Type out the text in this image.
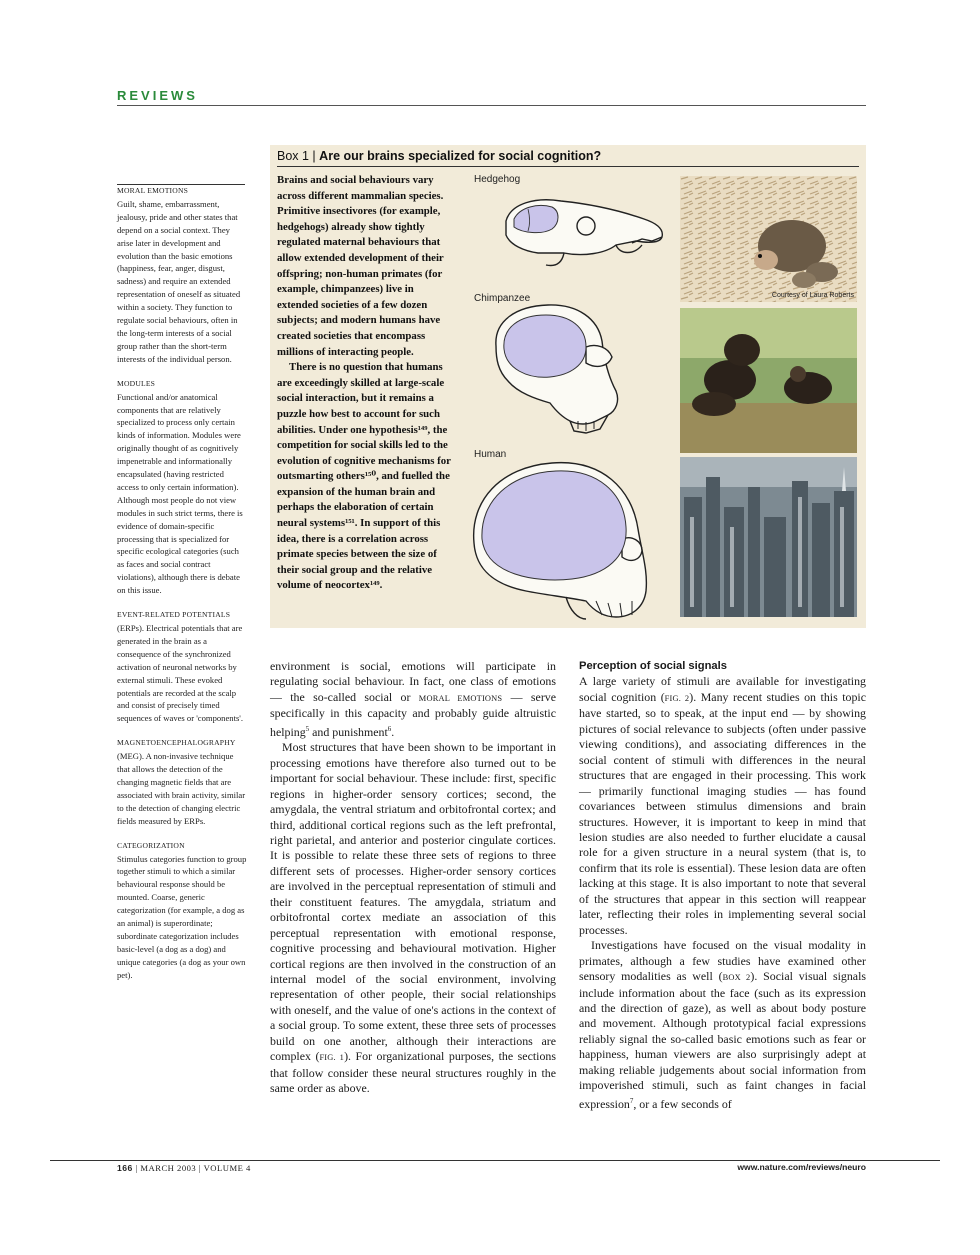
REVIEWS
MORAL EMOTIONS
Guilt, shame, embarrassment, jealousy, pride and other states that depend on a social context. They arise later in development and evolution than the basic emotions (happiness, fear, anger, disgust, sadness) and require an extended representation of oneself as situated within a society. They function to regulate social behaviours, often in the long-term interests of a social group rather than the short-term interests of the individual person.
MODULES
Functional and/or anatomical components that are relatively specialized to process only certain kinds of information. Modules were originally thought of as cognitively impenetrable and informationally encapsulated (having restricted access to only certain information). Although most people do not view modules in such strict terms, there is evidence of domain-specific processing that is specialized for specific ecological categories (such as faces and social contract violations), although there is debate on this issue.
EVENT-RELATED POTENTIALS
(ERPs). Electrical potentials that are generated in the brain as a consequence of the synchronized activation of neuronal networks by external stimuli. These evoked potentials are recorded at the scalp and consist of precisely timed sequences of waves or 'components'.
MAGNETOENCEPHALOGRAPHY
(MEG). A non-invasive technique that allows the detection of the changing magnetic fields that are associated with brain activity, similar to the detection of changing electric fields measured by ERPs.
CATEGORIZATION
Stimulus categories function to group together stimuli to which a similar behavioural response should be mounted. Coarse, generic categorization (for example, a dog as an animal) is superordinate; subordinate categorization includes basic-level (a dog as a dog) and unique categories (a dog as your own pet).
Box 1 | Are our brains specialized for social cognition?

Brains and social behaviours vary across different mammalian species. Primitive insectivores (for example, hedgehogs) already show tightly regulated maternal behaviours that allow extended development of their offspring; non-human primates (for example, chimpanzees) live in extended societies of a few dozen subjects; and modern humans have created societies that encompass millions of interacting people.

There is no question that humans are exceedingly skilled at large-scale social interaction, but it remains a puzzle how best to account for such abilities. Under one hypothesis¹⁴⁹, the competition for social skills led to the evolution of cognitive mechanisms for outsmarting others¹⁵⁰, and fuelled the expansion of the human brain and perhaps the elaboration of certain neural systems¹⁵¹. In support of this idea, there is a correlation across primate species between the size of their social group and the relative volume of neocortex¹⁴⁹.

Hedgehog
Chimpanzee
Human
Courtesy of Laura Roberts

environment is social, emotions will participate in regulating social behaviour. In fact, one class of emotions — the so-called social or MORAL EMOTIONS — serve specifically in this capacity and probably guide altruistic helping$^5$ and punishment$^6$.

Most structures that have been shown to be important in processing emotions have therefore also turned out to be important for social behaviour. These include: first, specific regions in higher-order sensory cortices; second, the amygdala, the ventral striatum and orbitofrontal cortex; and third, additional cortical regions such as the left prefrontal, right parietal, and anterior and posterior cingulate cortices. It is possible to relate these three sets of regions to three different sets of processes. Higher-order sensory cortices are involved in the perceptual representation of stimuli and their constituent features. The amygdala, striatum and orbitofrontal cortex mediate an association of this perceptual representation with emotional response, cognitive processing and behavioural motivation. Higher cortical regions are then involved in the construction of an internal model of the social environment, involving representation of other people, their social relationships with oneself, and the value of one's actions in the context of a social group. To some extent, these three sets of processes build on one another, although their interactions are complex (FIG. 1). For organizational purposes, the sections that follow consider these neural structures roughly in the same order as above.

Perception of social signals

A large variety of stimuli are available for investigating social cognition (FIG. 2). Many recent studies on this topic have started, so to speak, at the input end — by showing pictures of social relevance to subjects (often under passive viewing conditions), and associating differences in the social content of stimuli with differences in the neural structures that are engaged in their processing. This work — primarily functional imaging studies — has found covariances between stimulus dimensions and brain structures. However, it is important to keep in mind that lesion studies are also needed to further elucidate a causal role for a given structure in a neural system (that is, to confirm that its role is essential). These lesion data are often lacking at this stage. It is also important to note that several of the structures that appear in this section will reappear later, reflecting their roles in implementing several social processes.

Investigations have focused on the visual modality in primates, although a few studies have examined other sensory modalities as well (BOX 2). Social visual signals include information about the face (such as its expression and the direction of gaze), as well as about body posture and movement. Although prototypical facial expressions reliably signal the so-called basic emotions such as fear or happiness, human viewers are also surprisingly adept at making reliable judgements about social information from impoverished stimuli, such as faint changes in facial expression$^7$, or a few seconds of

166 | MARCH 2003 | VOLUME 4	www.nature.com/reviews/neuro
